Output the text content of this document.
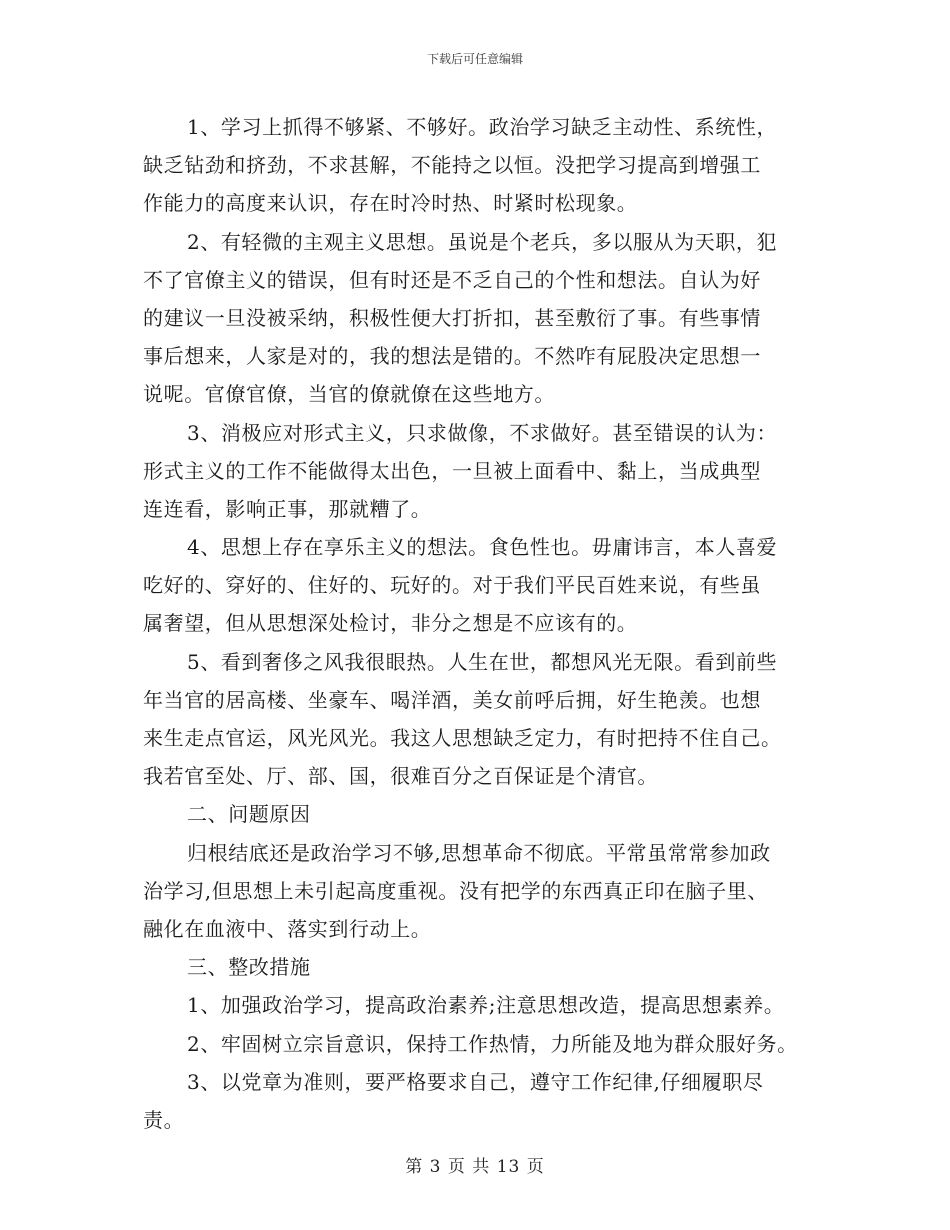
下载后可任意编辑
1、学习上抓得不够紧、不够好。政治学习缺乏主动性、系统性，
缺乏钻劲和挤劲，不求甚解，不能持之以恒。没把学习提高到增强工
作能力的高度来认识，存在时冷时热、时紧时松现象。
2、有轻微的主观主义思想。虽说是个老兵，多以服从为天职，犯
不了官僚主义的错误，但有时还是不乏自己的个性和想法。自认为好
的建议一旦没被采纳，积极性便大打折扣，甚至敷衍了事。有些事情
事后想来，人家是对的，我的想法是错的。不然咋有屁股决定思想一
说呢。官僚官僚，当官的僚就僚在这些地方。
3、消极应对形式主义，只求做像，不求做好。甚至错误的认为：
形式主义的工作不能做得太出色，一旦被上面看中、黏上，当成典型
连连看，影响正事，那就糟了。
4、思想上存在享乐主义的想法。食色性也。毋庸讳言，本人喜爱
吃好的、穿好的、住好的、玩好的。对于我们平民百姓来说，有些虽
属奢望，但从思想深处检讨，非分之想是不应该有的。
5、看到奢侈之风我很眼热。人生在世，都想风光无限。看到前些
年当官的居高楼、坐豪车、喝洋酒，美女前呼后拥，好生艳羡。也想
来生走点官运，风光风光。我这人思想缺乏定力，有时把持不住自己。
我若官至处、厅、部、国，很难百分之百保证是个清官。
二、问题原因
归根结底还是政治学习不够,思想革命不彻底。平常虽常常参加政
治学习,但思想上未引起高度重视。没有把学的东西真正印在脑子里、
融化在血液中、落实到行动上。
三、整改措施
1、加强政治学习，提高政治素养;注意思想改造，提高思想素养。
2、牢固树立宗旨意识，保持工作热情，力所能及地为群众服好务。
3、以党章为准则，要严格要求自己，遵守工作纪律,仔细履职尽
责。
第 3 页 共 13 页
